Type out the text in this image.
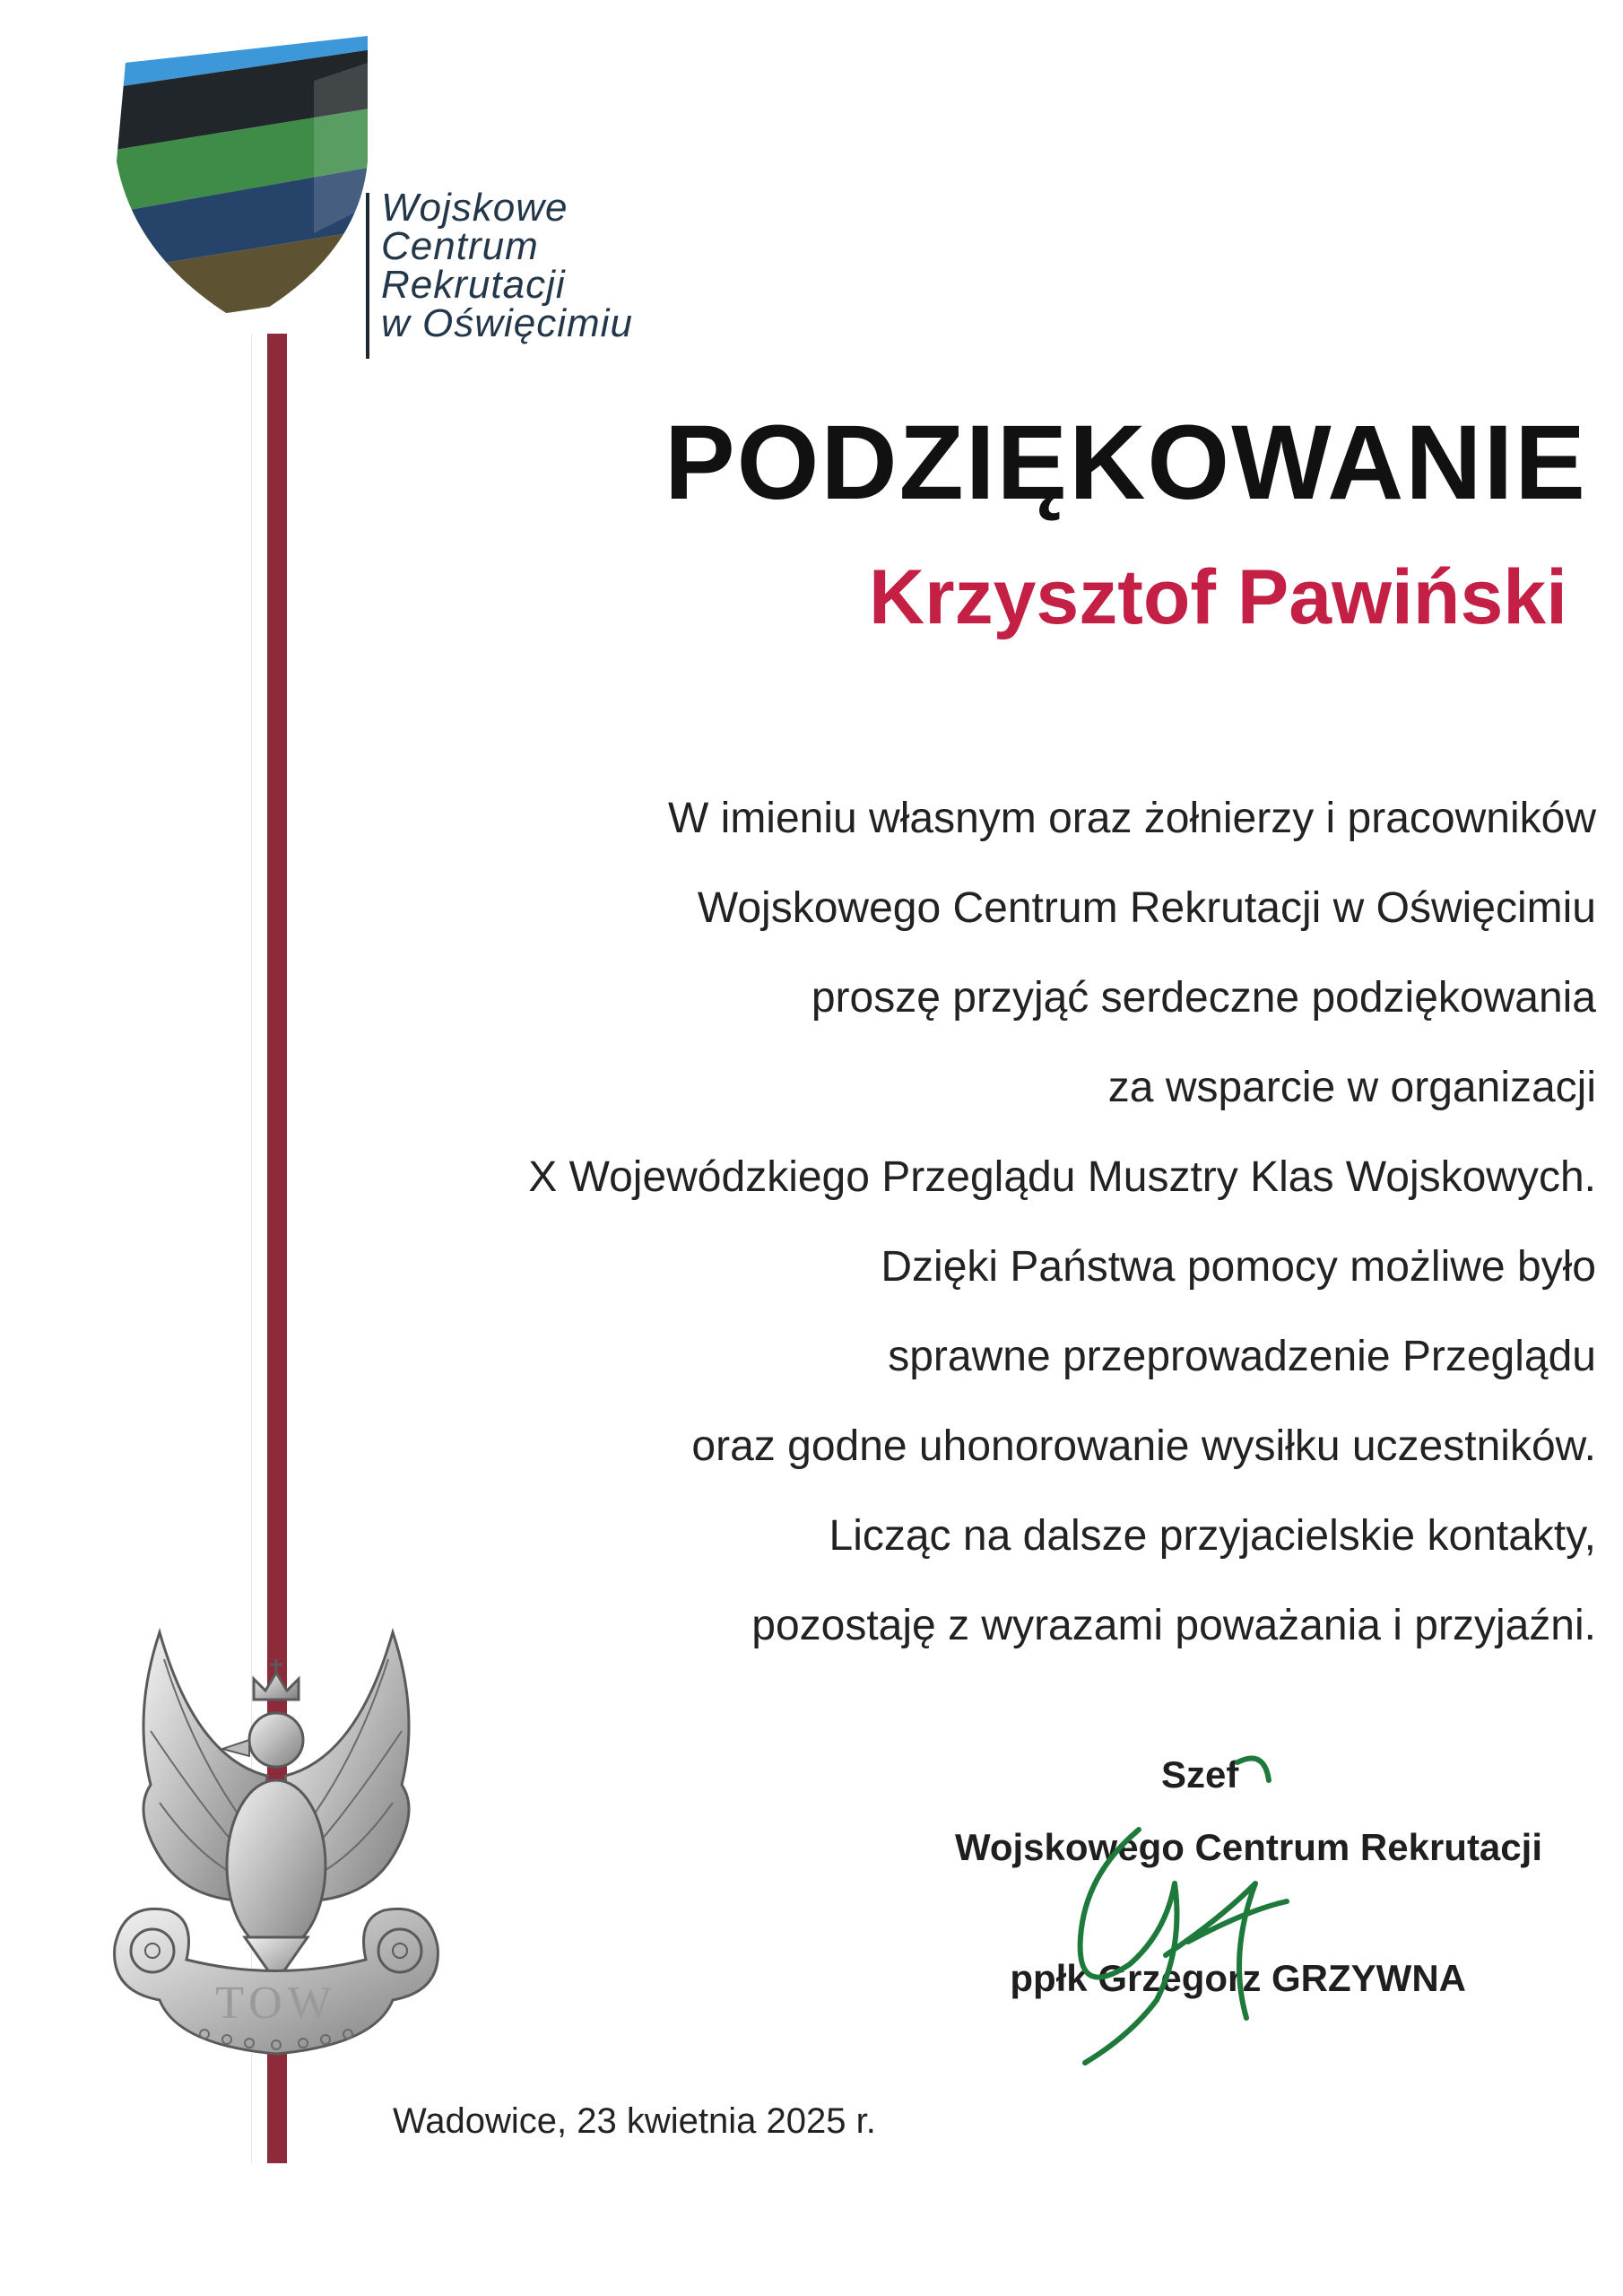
Wojskowe
Centrum
Rekrutacji
w Oświęcimiu
PODZIĘKOWANIE
Krzysztof Pawiński
W imieniu własnym oraz żołnierzy i pracowników
Wojskowego Centrum Rekrutacji w Oświęcimiu
proszę przyjąć serdeczne podziękowania
za wsparcie w organizacji
X Wojewódzkiego Przeglądu Musztry Klas Wojskowych.
Dzięki Państwa pomocy możliwe było
sprawne przeprowadzenie Przeglądu
oraz godne uhonorowanie wysiłku uczestników.
Licząc na dalsze przyjacielskie kontakty,
pozostaję z wyrazami poważania i przyjaźni.
TOW
Szef
Wojskowego Centrum Rekrutacji
ppłk Grzegorz GRZYWNA
Wadowice, 23 kwietnia 2025 r.
